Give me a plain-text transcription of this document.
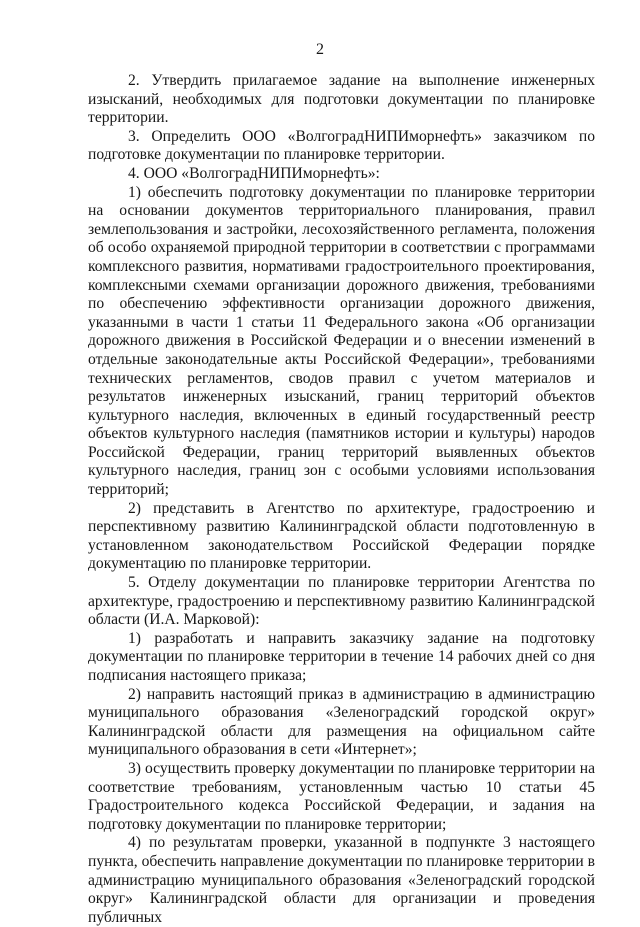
2

2. Утвердить прилагаемое задание на выполнение инженерных изысканий, необходимых для подготовки документации по планировке территории.

3. Определить ООО «ВолгоградНИПИморнефть» заказчиком по подготовке документации по планировке территории.

4. ООО «ВолгоградНИПИморнефть»:

1) обеспечить подготовку документации по планировке территории на основании документов территориального планирования, правил землепользования и застройки, лесохозяйственного регламента, положения об особо охраняемой природной территории в соответствии с программами комплексного развития, нормативами градостроительного проектирования, комплексными схемами организации дорожного движения, требованиями по обеспечению эффективности организации дорожного движения, указанными в части 1 статьи 11 Федерального закона «Об организации дорожного движения в Российской Федерации и о внесении изменений в отдельные законодательные акты Российской Федерации», требованиями технических регламентов, сводов правил с учетом материалов и результатов инженерных изысканий, границ территорий объектов культурного наследия, включенных в единый государственный реестр объектов культурного наследия (памятников истории и культуры) народов Российской Федерации, границ территорий выявленных объектов культурного наследия, границ зон с особыми условиями использования территорий;

2) представить в Агентство по архитектуре, градостроению и перспективному развитию Калининградской области подготовленную в установленном законодательством Российской Федерации порядке документацию по планировке территории.

5. Отделу документации по планировке территории Агентства по архитектуре, градостроению и перспективному развитию Калининградской области (И.А. Марковой):

1) разработать и направить заказчику задание на подготовку документации по планировке территории в течение 14 рабочих дней со дня подписания настоящего приказа;

2) направить настоящий приказ в администрацию в администрацию муниципального образования «Зеленоградский городской округ» Калининградской области для размещения на официальном сайте муниципального образования в сети «Интернет»;

3) осуществить проверку документации по планировке территории на соответствие требованиям, установленным частью 10 статьи 45 Градостроительного кодекса Российской Федерации, и задания на подготовку документации по планировке территории;

4) по результатам проверки, указанной в подпункте 3 настоящего пункта, обеспечить направление документации по планировке территории в администрацию муниципального образования «Зеленоградский городской округ» Калининградской области для организации и проведения публичных
